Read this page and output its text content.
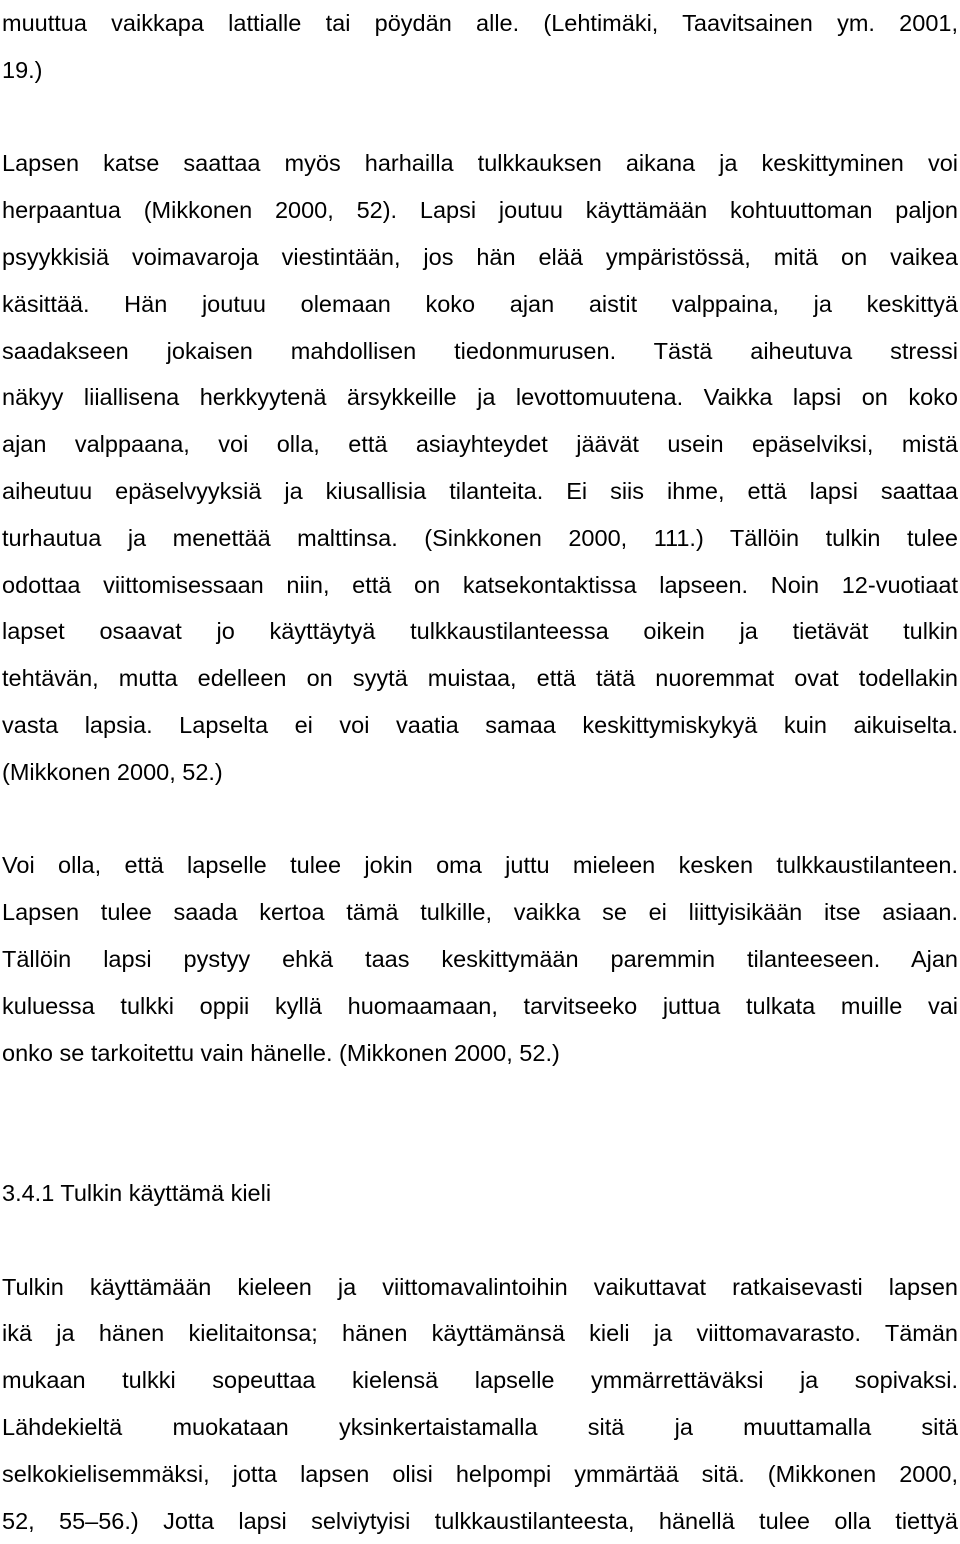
muuttua vaikkapa lattialle tai pöydän alle. (Lehtimäki, Taavitsainen ym. 2001,
19.)
Lapsen katse saattaa myös harhailla tulkkauksen aikana ja keskittyminen voi
herpaantua (Mikkonen 2000, 52). Lapsi joutuu käyttämään kohtuuttoman paljon
psyykkisiä voimavaroja viestintään, jos hän elää ympäristössä, mitä on vaikea
käsittää. Hän joutuu olemaan koko ajan aistit valppaina, ja keskittyä
saadakseen jokaisen mahdollisen tiedonmurusen. Tästä aiheutuva stressi
näkyy liiallisena herkkyytenä ärsykkeille ja levottomuutena. Vaikka lapsi on koko
ajan valppaana, voi olla, että asiayhteydet jäävät usein epäselviksi, mistä
aiheutuu epäselvyyksiä ja kiusallisia tilanteita. Ei siis ihme, että lapsi saattaa
turhautua ja menettää malttinsa. (Sinkkonen 2000, 111.) Tällöin tulkin tulee
odottaa viittomisessaan niin, että on katsekontaktissa lapseen. Noin 12-vuotiaat
lapset osaavat jo käyttäytyä tulkkaustilanteessa oikein ja tietävät tulkin
tehtävän, mutta edelleen on syytä muistaa, että tätä nuoremmat ovat todellakin
vasta lapsia. Lapselta ei voi vaatia samaa keskittymiskykyä kuin aikuiselta.
(Mikkonen 2000, 52.)
Voi olla, että lapselle tulee jokin oma juttu mieleen kesken tulkkaustilanteen.
Lapsen tulee saada kertoa tämä tulkille, vaikka se ei liittyisikään itse asiaan.
Tällöin lapsi pystyy ehkä taas keskittymään paremmin tilanteeseen. Ajan
kuluessa tulkki oppii kyllä huomaamaan, tarvitseeko juttua tulkata muille vai
onko se tarkoitettu vain hänelle. (Mikkonen 2000, 52.)
3.4.1 Tulkin käyttämä kieli
Tulkin käyttämään kieleen ja viittomavalintoihin vaikuttavat ratkaisevasti lapsen
ikä ja hänen kielitaitonsa; hänen käyttämänsä kieli ja viittomavarasto. Tämän
mukaan tulkki sopeuttaa kielensä lapselle ymmärrettäväksi ja sopivaksi.
Lähdekieltä muokataan yksinkertaistamalla sitä ja muuttamalla sitä
selkokielisemmäksi, jotta lapsen olisi helpompi ymmärtää sitä. (Mikkonen 2000,
52, 55–56.) Jotta lapsi selviytyisi tulkkaustilanteesta, hänellä tulee olla tiettyä
